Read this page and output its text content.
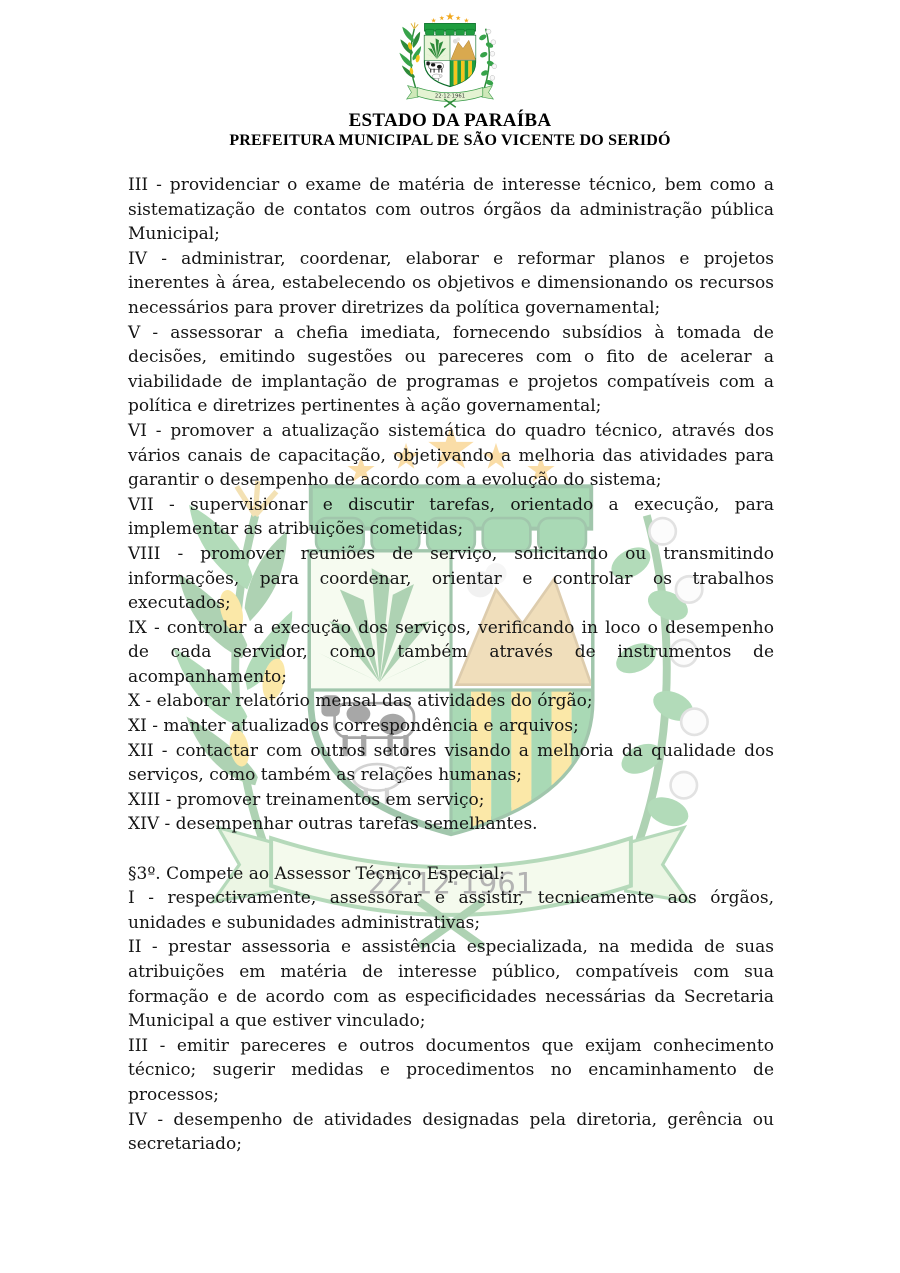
ESTADO DA PARAÍBA
PREFEITURA MUNICIPAL DE SÃO VICENTE DO SERIDÓ

III - providenciar o exame de matéria de interesse técnico, bem como a sistematização de contatos com outros órgãos da administração pública Municipal;

IV - administrar, coordenar, elaborar e reformar planos e projetos inerentes à área, estabelecendo os objetivos e dimensionando os recursos necessários para prover diretrizes da política governamental;

V - assessorar a chefia imediata, fornecendo subsídios à tomada de decisões, emitindo sugestões ou pareceres com o fito de acelerar a viabilidade de implantação de programas e projetos compatíveis com a política e diretrizes pertinentes à ação governamental;

VI - promover a atualização sistemática do quadro técnico, através dos vários canais de capacitação, objetivando a melhoria das atividades para garantir o desempenho de acordo com a evolução do sistema;

VII - supervisionar e discutir tarefas, orientado a execução, para implementar as atribuições cometidas;

VIII - promover reuniões de serviço, solicitando ou transmitindo informações, para coordenar, orientar e controlar os trabalhos executados;

IX - controlar a execução dos serviços, verificando in loco o desempenho de cada servidor, como também através de instrumentos de acompanhamento;

X - elaborar relatório mensal das atividades do órgão;

XI - manter atualizados correspondência e arquivos;

XII - contactar com outros setores visando a melhoria da qualidade dos serviços, como também as relações humanas;

XIII - promover treinamentos em serviço;

XIV - desempenhar outras tarefas semelhantes.

§3º. Compete ao Assessor Técnico Especial:

I - respectivamente, assessorar e assistir, tecnicamente aos órgãos, unidades e subunidades administrativas;

II - prestar assessoria e assistência especializada, na medida de suas atribuições em matéria de interesse público, compatíveis com sua formação e de acordo com as especificidades necessárias da Secretaria Municipal a que estiver vinculado;

III - emitir pareceres e outros documentos que exijam conhecimento técnico; sugerir medidas e procedimentos no encaminhamento de processos;

IV - desempenho de atividades designadas pela diretoria, gerência ou secretariado;
